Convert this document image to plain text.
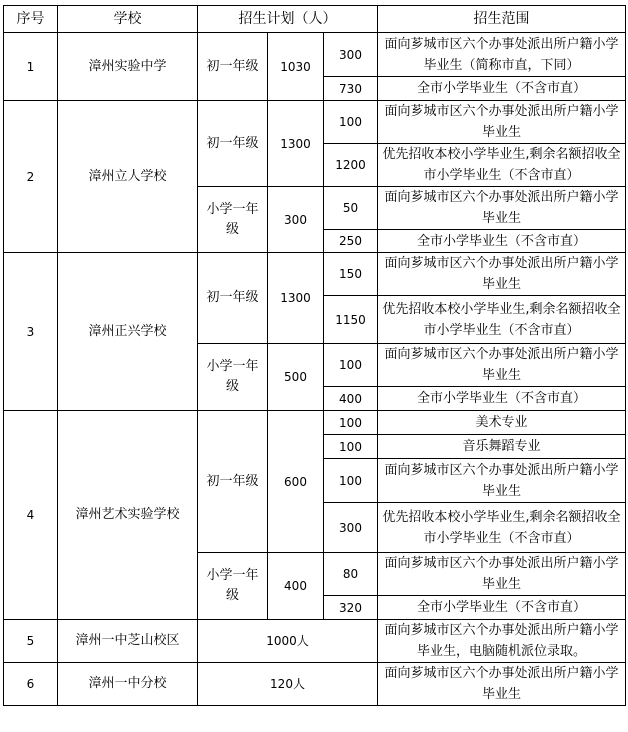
序号	学校	招生计划（人）			招生范围
1	漳州实验中学	初一年级	1030	300	面向芗城市区六个办事处派出所户籍小学毕业生（简称市直，下同）
				730	全市小学毕业生（不含市直）
2	漳州立人学校	初一年级	1300	100	面向芗城市区六个办事处派出所户籍小学毕业生
				1200	优先招收本校小学毕业生,剩余名额招收全市小学毕业生（不含市直）
		小学一年级	300	50	面向芗城市区六个办事处派出所户籍小学毕业生
				250	全市小学毕业生（不含市直）
3	漳州正兴学校	初一年级	1300	150	面向芗城市区六个办事处派出所户籍小学毕业生
				1150	优先招收本校小学毕业生,剩余名额招收全市小学毕业生（不含市直）
		小学一年级	500	100	面向芗城市区六个办事处派出所户籍小学毕业生
				400	全市小学毕业生（不含市直）
4	漳州艺术实验学校	初一年级	600	100	美术专业
				100	音乐舞蹈专业
				100	面向芗城市区六个办事处派出所户籍小学毕业生
				300	优先招收本校小学毕业生,剩余名额招收全市小学毕业生（不含市直）
		小学一年级	400	80	面向芗城市区六个办事处派出所户籍小学毕业生
				320	全市小学毕业生（不含市直）
5	漳州一中芝山校区	1000人			面向芗城市区六个办事处派出所户籍小学毕业生，电脑随机派位录取。
6	漳州一中分校	120人			面向芗城市区六个办事处派出所户籍小学毕业生
